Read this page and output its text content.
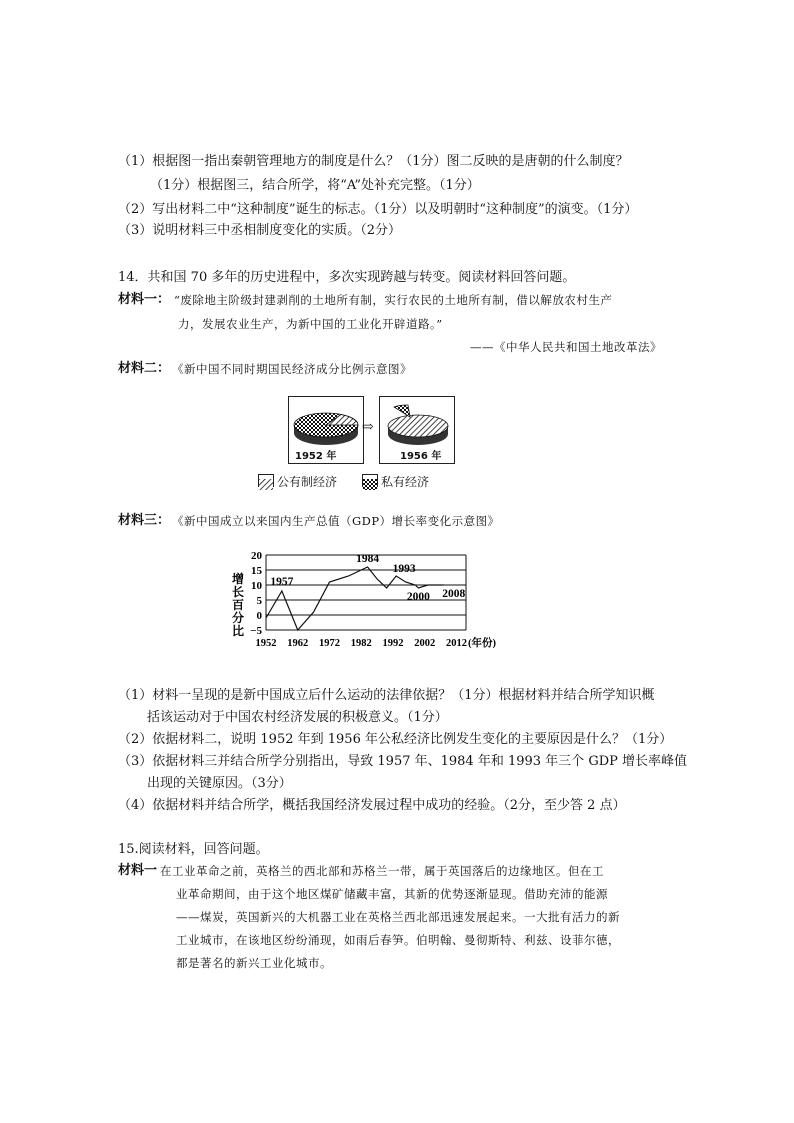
（1）根据图一指出秦朝管理地方的制度是什么？（1分）图二反映的是唐朝的什么制度？
（1分）根据图三，结合所学，将“A”处补充完整。（1分）
（2）写出材料二中“这种制度”诞生的标志。（1分）以及明朝时“这种制度”的演变。（1分）
（3）说明材料三中丞相制度变化的实质。（2分）
14．共和国 70 多年的历史进程中，多次实现跨越与转变。阅读材料回答问题。
材料一： “废除地主阶级封建剥削的土地所有制，实行农民的土地所有制，借以解放农村生产
力，发展农业生产，为新中国的工业化开辟道路。”
——《中华人民共和国土地改革法》
材料二： 《新中国不同时期国民经济成分比例示意图》
1952 年
⇨
1956 年
公有制经济	私有经济
材料三： 《新中国成立以来国内生产总值（GDP）增长率变化示意图》
增
长
百
分
比
20
15
10
5
0
−5
1952 1962 1972 1982 1992 2002 2012 (年份)
1957
1984
1993
2000 2008
（1）材料一呈现的是新中国成立后什么运动的法律依据？（1分）根据材料并结合所学知识概
括该运动对于中国农村经济发展的积极意义。（1分）
（2）依据材料二，说明 1952 年到 1956 年公私经济比例发生变化的主要原因是什么？（1分）
（3）依据材料三并结合所学分别指出，导致 1957 年、1984 年和 1993 年三个 GDP 增长率峰值
出现的关键原因。（3分）
（4）依据材料并结合所学，概括我国经济发展过程中成功的经验。（2分，至少答 2 点）
15.阅读材料，回答问题。
材料一 在工业革命之前，英格兰的西北部和苏格兰一带，属于英国落后的边缘地区。但在工
业革命期间，由于这个地区煤矿储藏丰富，其新的优势逐渐显现。借助充沛的能源
——煤炭，英国新兴的大机器工业在英格兰西北部迅速发展起来。一大批有活力的新
工业城市，在该地区纷纷涌现，如雨后春笋。伯明翰、曼彻斯特、利兹、设菲尔德，
都是著名的新兴工业化城市。
